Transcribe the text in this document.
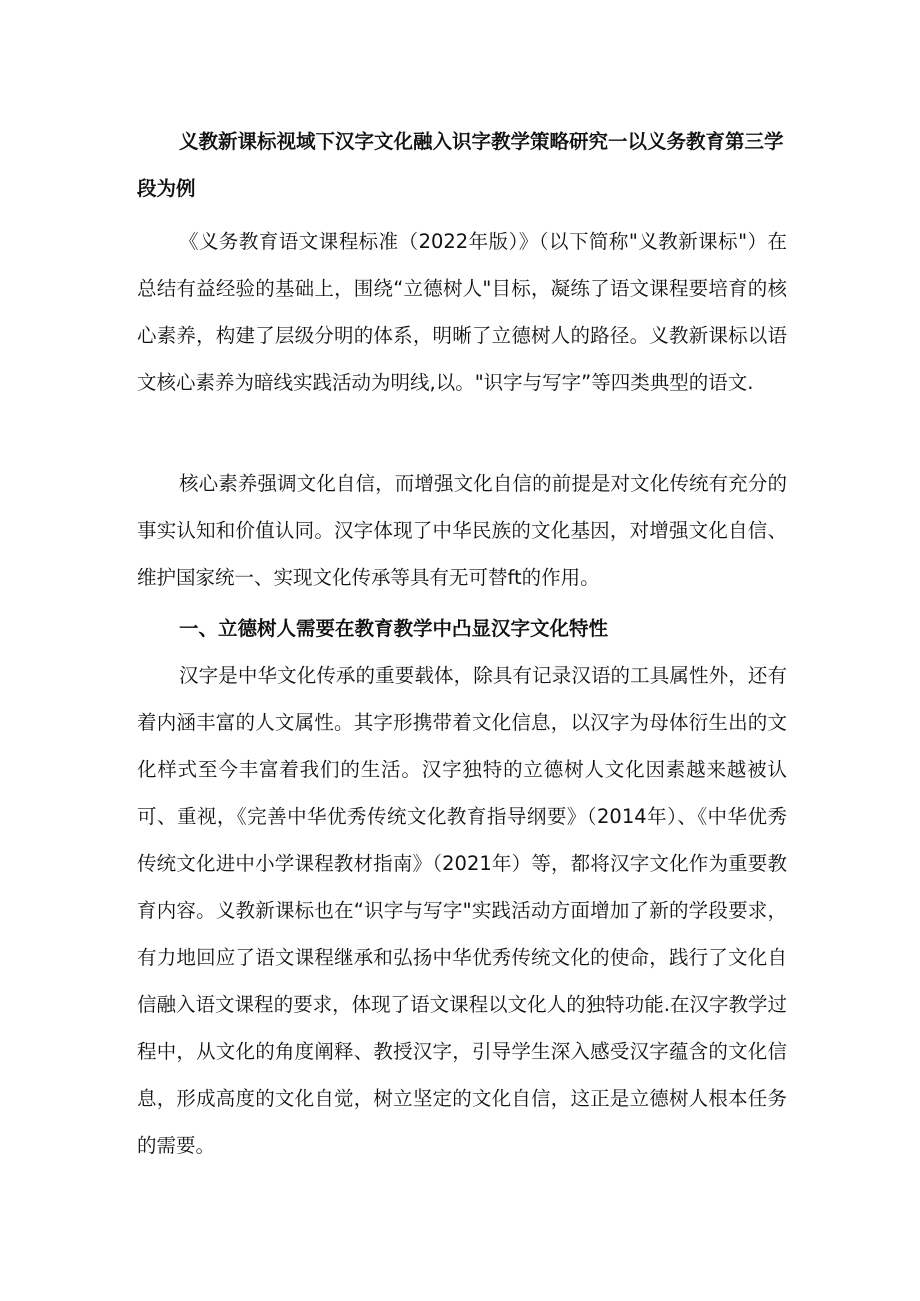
义教新课标视域下汉字文化融入识字教学策略研究一以义务教育第三学段为例

《义务教育语文课程标准（2022年版）》（以下简称"义教新课标"）在总结有益经验的基础上，围绕“立德树人"目标，凝练了语文课程要培育的核心素养，构建了层级分明的体系，明晰了立德树人的路径。义教新课标以语文核心素养为暗线实践活动为明线,以。"识字与写字”等四类典型的语文.

核心素养强调文化自信，而增强文化自信的前提是对文化传统有充分的事实认知和价值认同。汉字体现了中华民族的文化基因，对增强文化自信、维护国家统一、实现文化传承等具有无可替ft的作用。

一、立德树人需要在教育教学中凸显汉字文化特性

汉字是中华文化传承的重要载体，除具有记录汉语的工具属性外，还有着内涵丰富的人文属性。其字形携带着文化信息，以汉字为母体衍生出的文化样式至今丰富着我们的生活。汉字独特的立德树人文化因素越来越被认可、重视，《完善中华优秀传统文化教育指导纲要》（2014年）、《中华优秀传统文化进中小学课程教材指南》（2021年）等，都将汉字文化作为重要教育内容。义教新课标也在“识字与写字"实践活动方面增加了新的学段要求，有力地回应了语文课程继承和弘扬中华优秀传统文化的使命，践行了文化自信融入语文课程的要求，体现了语文课程以文化人的独特功能.在汉字教学过程中，从文化的角度阐释、教授汉字，引导学生深入感受汉字蕴含的文化信息，形成高度的文化自觉，树立坚定的文化自信，这正是立德树人根本任务的需要。
